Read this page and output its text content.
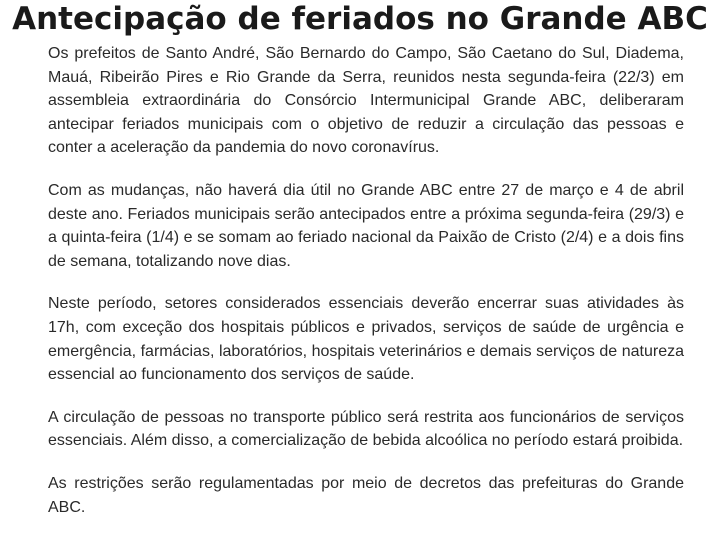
Antecipação de feriados no Grande ABC

Os prefeitos de Santo André, São Bernardo do Campo, São Caetano do Sul, Diadema, Mauá, Ribeirão Pires e Rio Grande da Serra, reunidos nesta segunda-feira (22/3) em assembleia extraordinária do Consórcio Intermunicipal Grande ABC, deliberaram antecipar feriados municipais com o objetivo de reduzir a circulação das pessoas e conter a aceleração da pandemia do novo coronavírus.

Com as mudanças, não haverá dia útil no Grande ABC entre 27 de março e 4 de abril deste ano. Feriados municipais serão antecipados entre a próxima segunda-feira (29/3) e a quinta-feira (1/4) e se somam ao feriado nacional da Paixão de Cristo (2/4) e a dois fins de semana, totalizando nove dias.

Neste período, setores considerados essenciais deverão encerrar suas atividades às 17h, com exceção dos hospitais públicos e privados, serviços de saúde de urgência e emergência, farmácias, laboratórios, hospitais veterinários e demais serviços de natureza essencial ao funcionamento dos serviços de saúde.

A circulação de pessoas no transporte público será restrita aos funcionários de serviços essenciais. Além disso, a comercialização de bebida alcoólica no período estará proibida.

As restrições serão regulamentadas por meio de decretos das prefeituras do Grande ABC.
